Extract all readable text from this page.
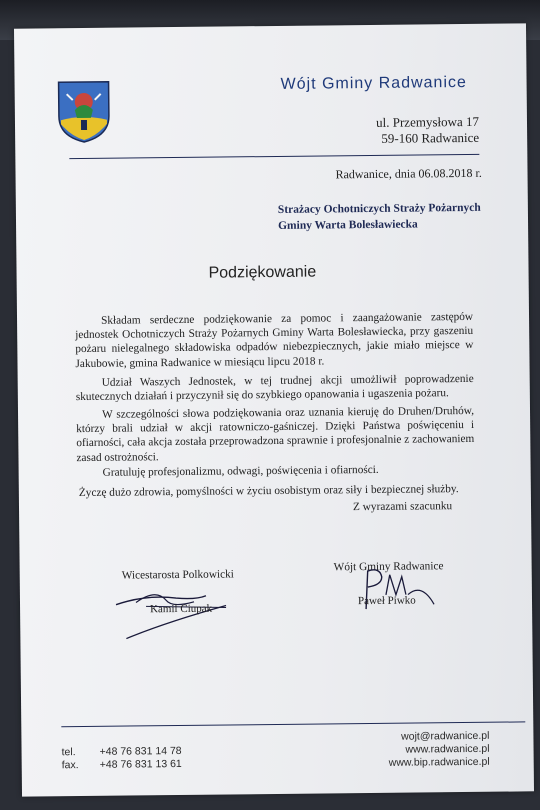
Wójt Gminy Radwanice
ul. Przemysłowa 17
59-160 Radwanice
Radwanice, dnia 06.08.2018 r.
Strażacy Ochotniczych Straży Pożarnych
Gminy Warta Bolesławiecka
Podziękowanie

Składam serdeczne podziękowanie za pomoc i zaangażowanie zastępów jednostek Ochotniczych Straży Pożarnych Gminy Warta Bolesławiecka, przy gaszeniu pożaru nielegalnego składowiska odpadów niebezpiecznych, jakie miało miejsce w Jakubowie, gmina Radwanice w miesiącu lipcu 2018 r.

Udział Waszych Jednostek, w tej trudnej akcji umożliwił poprowadzenie skutecznych działań i przyczynił się do szybkiego opanowania i ugaszenia pożaru.

W szczególności słowa podziękowania oraz uznania kieruję do Druhen/Druhów, którzy brali udział w akcji ratowniczo-gaśniczej. Dzięki Państwa poświęceniu i ofiarności, cała akcja została przeprowadzona sprawnie i profesjonalnie z zachowaniem zasad ostrożności.

Gratuluję profesjonalizmu, odwagi, poświęcenia i ofiarności.

Życzę dużo zdrowia, pomyślności w życiu osobistym oraz siły i bezpiecznej służby.

Z wyrazami szacunku
Wicestarosta Polkowicki
Kamil Ciupak
Wójt Gminy Radwanice
Paweł Piwko
tel.	+48 76 831 14 78
fax.	+48 76 831 13 61
wojt@radwanice.pl
www.radwanice.pl
www.bip.radwanice.pl
